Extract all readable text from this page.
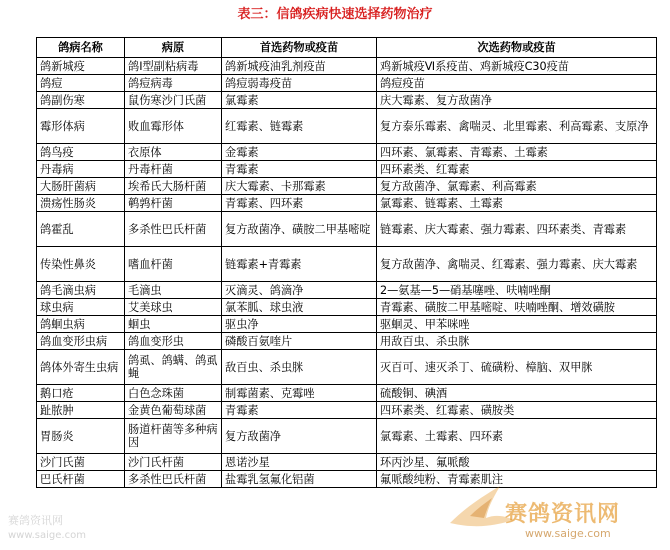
表三：信鸽疾病快速选择药物治疗
鸽病名称	病原	首选药物或疫苗	次选药物或疫苗
鸽新城疫	鸽Ⅰ型副粘病毒	鸽新城疫油乳剂疫苗	鸡新城疫Ⅵ系疫苗、鸡新城疫C30疫苗
鸽痘	鸽痘病毒	鸽痘弱毒疫苗	鸽痘疫苗
鸽副伤寒	鼠伤寒沙门氏菌	氯霉素	庆大霉素、复方敌菌净
霉形体病	败血霉形体	红霉素、链霉素	复方泰乐霉素、禽喘灵、北里霉素、利高霉素、支原净
鸽鸟疫	衣原体	金霉素	四环素、氯霉素、青霉素、土霉素
丹毒病	丹毒杆菌	青霉素	四环素类、红霉素
大肠肝菌病	埃希氏大肠杆菌	庆大霉素、卡那霉素	复方敌菌净、氯霉素、利高霉素
溃疡性肠炎	鹌鹑杆菌	青霉素、四环素	氯霉素、链霉素、土霉素
鸽霍乱	多杀性巴氏杆菌	复方敌菌净、磺胺二甲基嘧啶	链霉素、庆大霉素、强力霉素、四环素类、青霉素
传染性鼻炎	嗜血杆菌	链霉素+青霉素	复方敌菌净、禽喘灵、红霉素、强力霉素、庆大霉素
鸽毛滴虫病	毛滴虫	灭滴灵、鸽滴净	2—氨基—5—硝基噻唑、呋喃唑酮
球虫病	艾美球虫	氯苯胍、球虫液	青霉素、磺胺二甲基嘧啶、呋喃唑酮、增效磺胺
鸽蛔虫病	蛔虫	驱虫净	驱蛔灵、甲苯咪唑
鸽血变形虫病	鸽血变形虫	磷酸百氨喹片	用敌百虫、杀虫脒
鸽体外寄生虫病	鸽虱、鸽螨、鸽虱蝇	敌百虫、杀虫脒	灭百可、速灭杀丁、硫磺粉、樟脑、双甲脒
鹅口疮	白色念珠菌	制霉菌素、克霉唑	硫酸铜、碘酒
趾脓肿	金黄色葡萄球菌	青霉素	四环素类、红霉素、磺胺类
胃肠炎	肠道杆菌等多种病因	复方敌菌净	氯霉素、土霉素、四环素
沙门氏菌	沙门氏杆菌	恩诺沙星	环丙沙星、氟哌酸
巴氏杆菌	多杀性巴氏杆菌	盐霉乳氢氟化铝菌	氟哌酸纯粉、青霉素肌注
赛鸽资讯网
www.saige.com
赛鸽资讯网
www.saige.com
